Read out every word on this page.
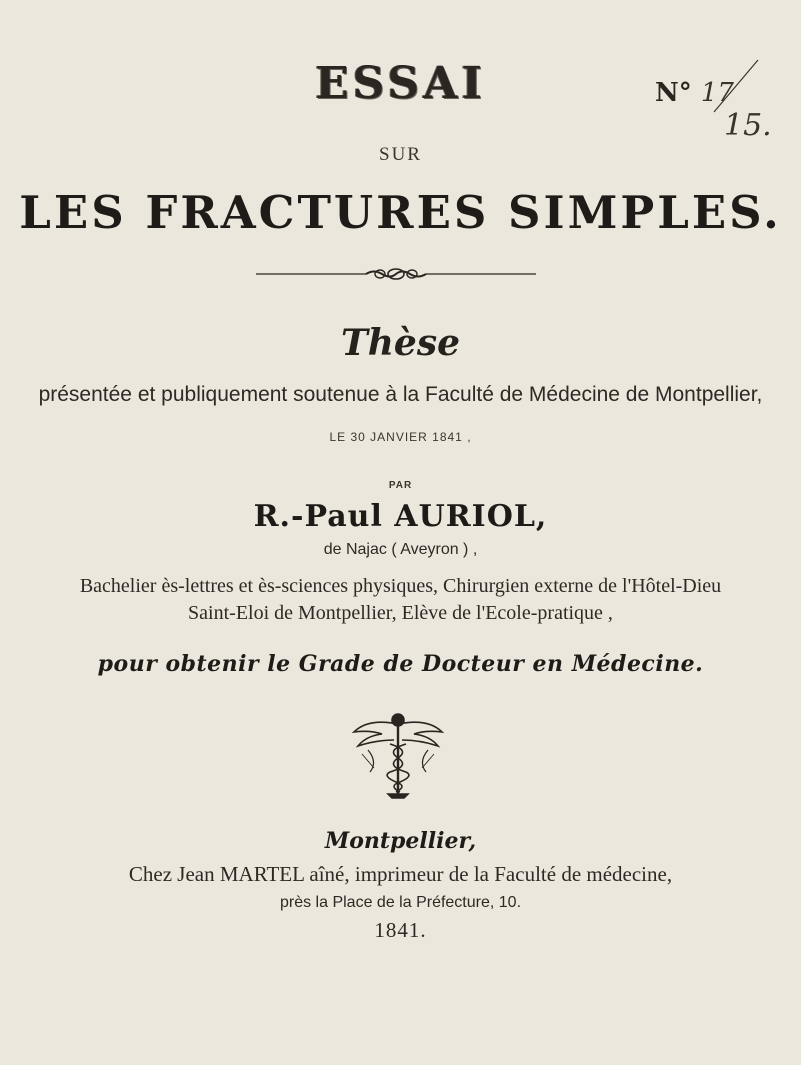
ESSAI
SUR
LES FRACTURES SIMPLES.
Thèse
présentée et publiquement soutenue à la Faculté de Médecine de Montpellier,
LE 30 JANVIER 1841 ,
PAR
R.-Paul AURIOL,
de Najac ( Aveyron ) ,
Bachelier ès-lettres et ès-sciences physiques, Chirurgien externe de l'Hôtel-Dieu
Saint-Eloi de Montpellier, Elève de l'Ecole-pratique ,
pour obtenir le Grade de Docteur en Médecine.
Montpellier,
Chez Jean MARTEL aîné, imprimeur de la Faculté de médecine,
près la Place de la Préfecture, 10.
1841.
N° 17
15.
